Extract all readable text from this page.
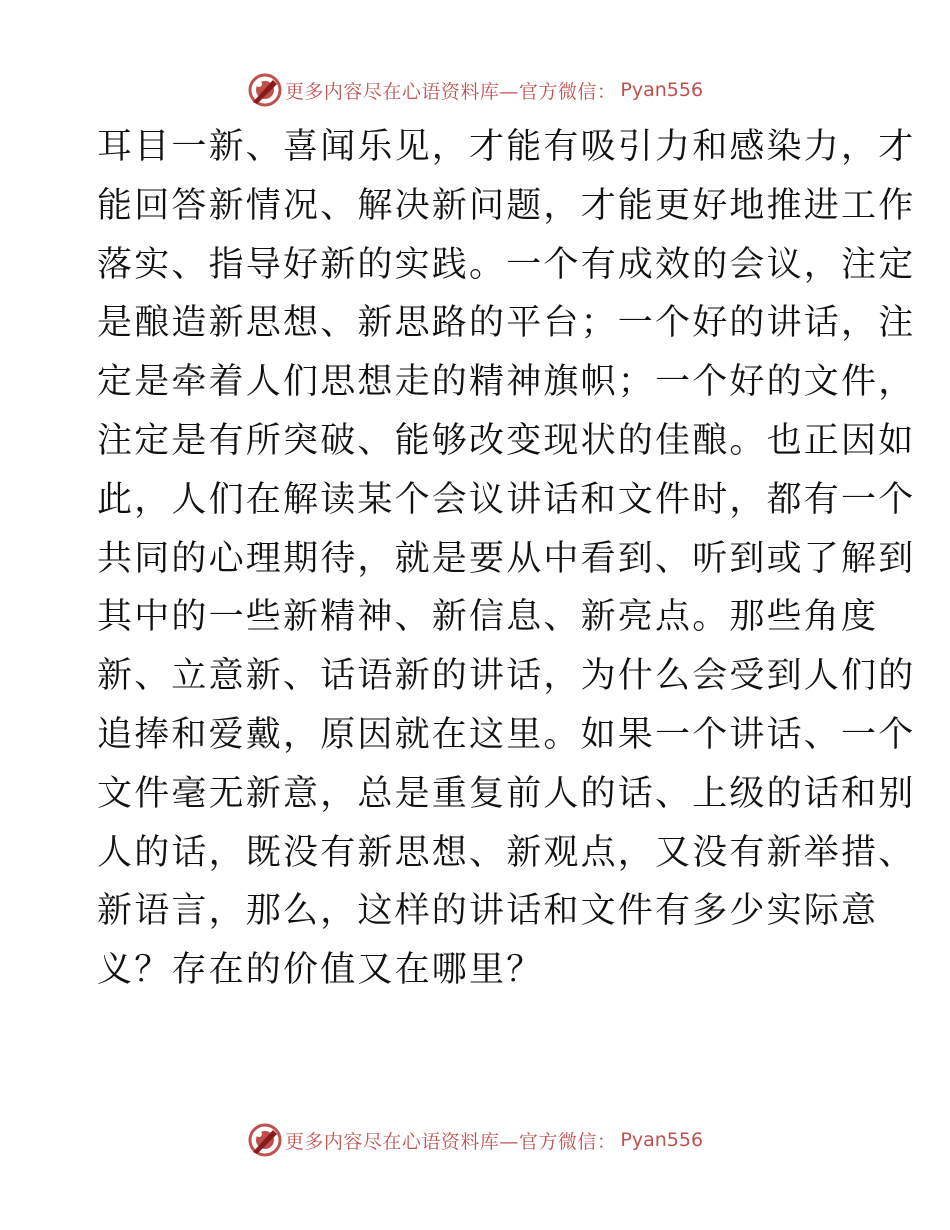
更多内容尽在心语资料库—官方微信： Pyan556
耳目一新、喜闻乐见，才能有吸引力和感染力，才
能回答新情况、解决新问题，才能更好地推进工作
落实、指导好新的实践。一个有成效的会议，注定
是酿造新思想、新思路的平台；一个好的讲话，注
定是牵着人们思想走的精神旗帜；一个好的文件，
注定是有所突破、能够改变现状的佳酿。也正因如
此，人们在解读某个会议讲话和文件时，都有一个
共同的心理期待，就是要从中看到、听到或了解到
其中的一些新精神、新信息、新亮点。那些角度
新、立意新、话语新的讲话，为什么会受到人们的
追捧和爱戴，原因就在这里。如果一个讲话、一个
文件毫无新意，总是重复前人的话、上级的话和别
人的话，既没有新思想、新观点，又没有新举措、
新语言，那么，这样的讲话和文件有多少实际意
义？存在的价值又在哪里？
更多内容尽在心语资料库—官方微信： Pyan556
